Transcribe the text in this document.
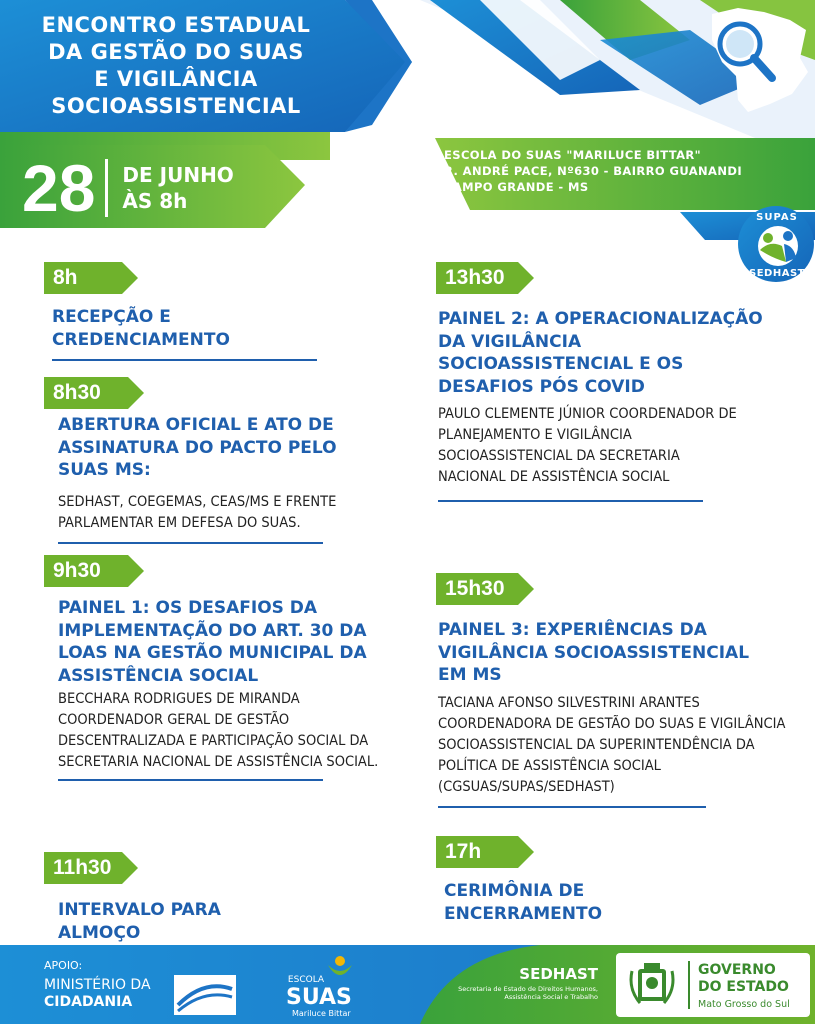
ENCONTRO ESTADUAL
DA GESTÃO DO SUAS
E VIGILÂNCIA
SOCIOASSISTENCIAL
28 DE JUNHO
ÀS 8h
ESCOLA DO SUAS "MARILUCE BITTAR"
R. ANDRÉ PACE, Nº630 - BAIRRO GUANANDI
CAMPO GRANDE - MS
SUPAS
SEDHAST
8h
RECEPÇÃO E CREDENCIAMENTO
8h30
ABERTURA OFICIAL E ATO DE ASSINATURA DO PACTO PELO SUAS MS:
SEDHAST, COEGEMAS, CEAS/MS E FRENTE PARLAMENTAR EM DEFESA DO SUAS.
9h30
PAINEL 1: OS DESAFIOS DA IMPLEMENTAÇÃO DO ART. 30 DA LOAS NA GESTÃO MUNICIPAL DA ASSISTÊNCIA SOCIAL
BECCHARA RODRIGUES DE MIRANDA COORDENADOR GERAL DE GESTÃO DESCENTRALIZADA E PARTICIPAÇÃO SOCIAL DA SECRETARIA NACIONAL DE ASSISTÊNCIA SOCIAL.
11h30
INTERVALO PARA ALMOÇO
13h30
PAINEL 2: A OPERACIONALIZAÇÃO DA VIGILÂNCIA SOCIOASSISTENCIAL E OS DESAFIOS PÓS COVID
PAULO CLEMENTE JÚNIOR COORDENADOR DE PLANEJAMENTO E VIGILÂNCIA SOCIOASSISTENCIAL DA SECRETARIA NACIONAL DE ASSISTÊNCIA SOCIAL
15h30
PAINEL 3: EXPERIÊNCIAS DA VIGILÂNCIA SOCIOASSISTENCIAL EM MS
TACIANA AFONSO SILVESTRINI ARANTES COORDENADORA DE GESTÃO DO SUAS E VIGILÂNCIA SOCIOASSISTENCIAL DA SUPERINTENDÊNCIA DA POLÍTICA DE ASSISTÊNCIA SOCIAL (CGSUAS/SUPAS/SEDHAST)
17h
CERIMÔNIA DE ENCERRAMENTO
APOIO:
MINISTÉRIO DA
CIDADANIA
ESCOLA
SUAS
Mariluce Bittar
SEDHAST
Secretaria de Estado de Direitos Humanos,
Assistência Social e Trabalho
GOVERNO
DO ESTADO
Mato Grosso do Sul
